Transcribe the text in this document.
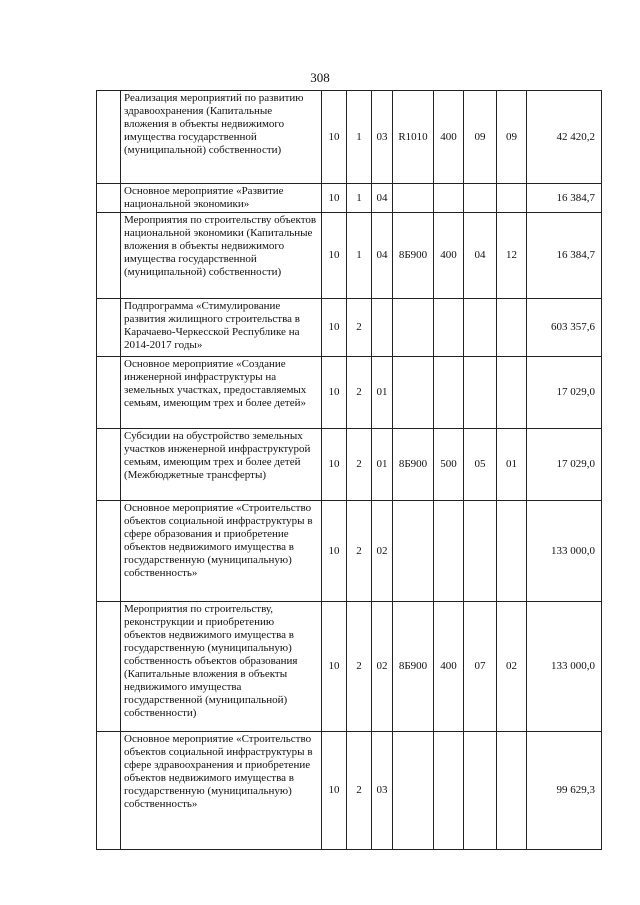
308
	Реализация мероприятий по развитию здравоохранения (Капитальные вложения в объекты недвижимого имущества государственной (муниципальной) собственности)	10	1	03	R1010	400	09	09	42 420,2
	Основное мероприятие «Развитие национальной экономики»	10	1	04					16 384,7
	Мероприятия по строительству объектов национальной экономики (Капитальные вложения в объекты недвижимого имущества государственной (муниципальной) собственности)	10	1	04	8Б900	400	04	12	16 384,7
	Подпрограмма «Стимулирование развития жилищного строительства в Карачаево-Черкесской Республике на 2014-2017 годы»	10	2						603 357,6
	Основное мероприятие «Создание инженерной инфраструктуры на земельных участках, предоставляемых семьям, имеющим трех и более детей»	10	2	01					17 029,0
	Субсидии на обустройство земельных участков инженерной инфраструктурой семьям, имеющим трех и более детей (Межбюджетные трансферты)	10	2	01	8Б900	500	05	01	17 029,0
	Основное мероприятие «Строительство объектов социальной инфраструктуры в сфере образования и приобретение объектов недвижимого имущества в государственную (муниципальную) собственность»	10	2	02					133 000,0
	Мероприятия по строительству, реконструкции и приобретению объектов недвижимого имущества в государственную (муниципальную) собственность объектов образования (Капитальные вложения в объекты недвижимого имущества государственной (муниципальной) собственности)	10	2	02	8Б900	400	07	02	133 000,0
	Основное мероприятие «Строительство объектов социальной инфраструктуры в сфере здравоохранения и приобретение объектов недвижимого имущества в государственную (муниципальную) собственность»	10	2	03					99 629,3
